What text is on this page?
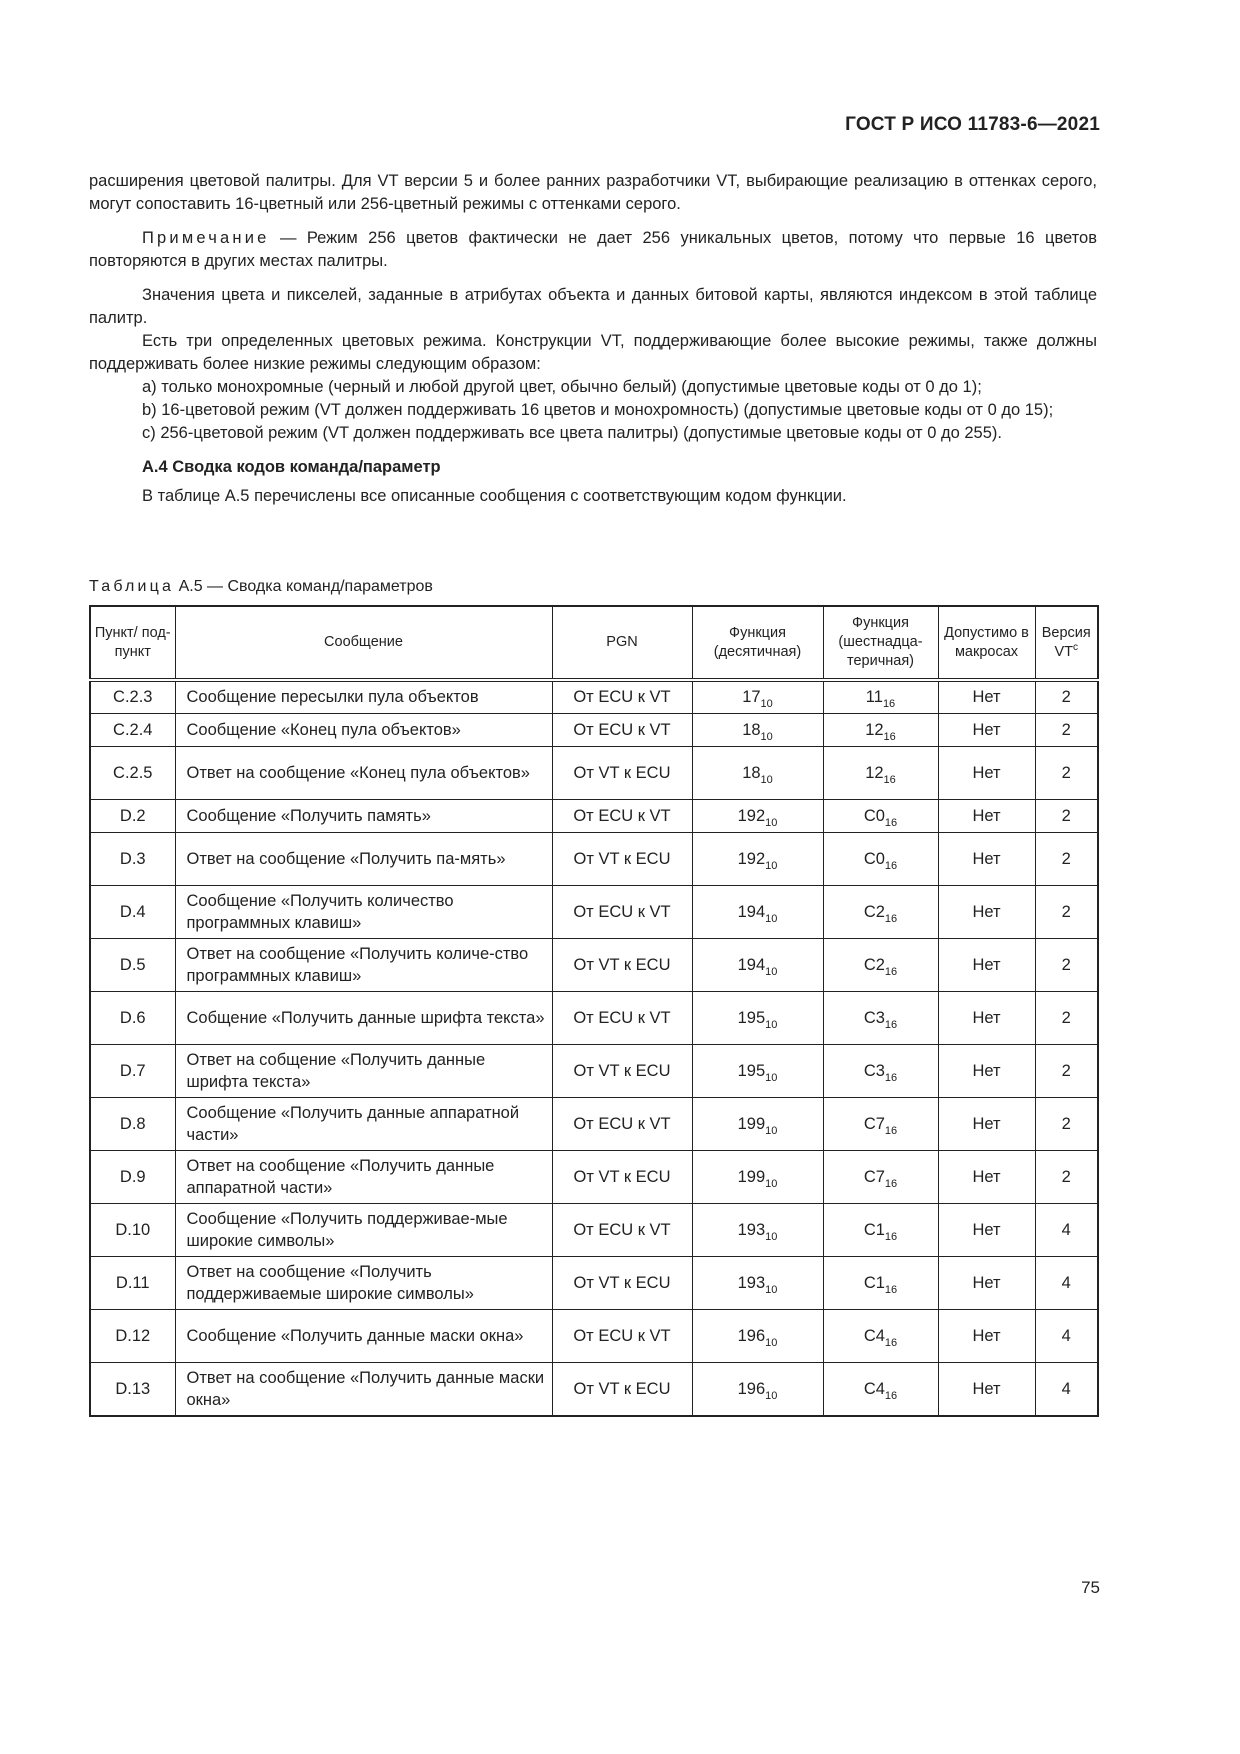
ГОСТ Р ИСО 11783-6—2021

расширения цветовой палитры. Для VT версии 5 и более ранних разработчики VT, выбирающие реализацию в оттенках серого, могут сопоставить 16-цветный или 256-цветный режимы с оттенками серого.

Примечание — Режим 256 цветов фактически не дает 256 уникальных цветов, потому что первые 16 цветов повторяются в других местах палитры.

Значения цвета и пикселей, заданные в атрибутах объекта и данных битовой карты, являются индексом в этой таблице палитр.

Есть три определенных цветовых режима. Конструкции VT, поддерживающие более высокие режимы, также должны поддерживать более низкие режимы следующим образом:

a) только монохромные (черный и любой другой цвет, обычно белый) (допустимые цветовые коды от 0 до 1);

b) 16-цветовой режим (VT должен поддерживать 16 цветов и монохромность) (допустимые цветовые коды от 0 до 15);

c) 256-цветовой режим (VT должен поддерживать все цвета палитры) (допустимые цветовые коды от 0 до 255).

А.4 Сводка кодов команда/параметр

В таблице А.5 перечислены все описанные сообщения с соответствующим кодом функции.

Таблица А.5 — Сводка команд/параметров
Пункт/ под-пункт	Сообщение	PGN	Функция (десятичная)	Функция (шестнадца-теричная)	Допустимо в макросах	Версия $VT^c$
C.2.3	Сообщение пересылки пула объектов	От ECU к VT	$17_{10}$	$11_{16}$	Нет	2
C.2.4	Сообщение «Конец пула объектов»	От ECU к VT	$18_{10}$	$12_{16}$	Нет	2
C.2.5	Ответ на сообщение «Конец пула объектов»	От VT к ECU	$18_{10}$	$12_{16}$	Нет	2
D.2	Сообщение «Получить память»	От ECU к VT	$192_{10}$	$C0_{16}$	Нет	2
D.3	Ответ на сообщение «Получить па-мять»	От VT к ECU	$192_{10}$	$C0_{16}$	Нет	2
D.4	Сообщение «Получить количество программных клавиш»	От ECU к VT	$194_{10}$	$C2_{16}$	Нет	2
D.5	Ответ на сообщение «Получить количе-ство программных клавиш»	От VT к ECU	$194_{10}$	$C2_{16}$	Нет	2
D.6	Собщение «Получить данные шрифта текста»	От ECU к VT	$195_{10}$	$C3_{16}$	Нет	2
D.7	Ответ на собщение «Получить данные шрифта текста»	От VT к ECU	$195_{10}$	$C3_{16}$	Нет	2
D.8	Сообщение «Получить данные аппаратной части»	От ECU к VT	$199_{10}$	$C7_{16}$	Нет	2
D.9	Ответ на сообщение «Получить данные аппаратной части»	От VT к ECU	$199_{10}$	$C7_{16}$	Нет	2
D.10	Сообщение «Получить поддерживае-мые широкие символы»	От ECU к VT	$193_{10}$	$C1_{16}$	Нет	4
D.11	Ответ на сообщение «Получить поддерживаемые широкие символы»	От VT к ECU	$193_{10}$	$C1_{16}$	Нет	4
D.12	Сообщение «Получить данные маски окна»	От ECU к VT	$196_{10}$	$C4_{16}$	Нет	4
D.13	Ответ на сообщение «Получить данные маски окна»	От VT к ECU	$196_{10}$	$C4_{16}$	Нет	4
75
